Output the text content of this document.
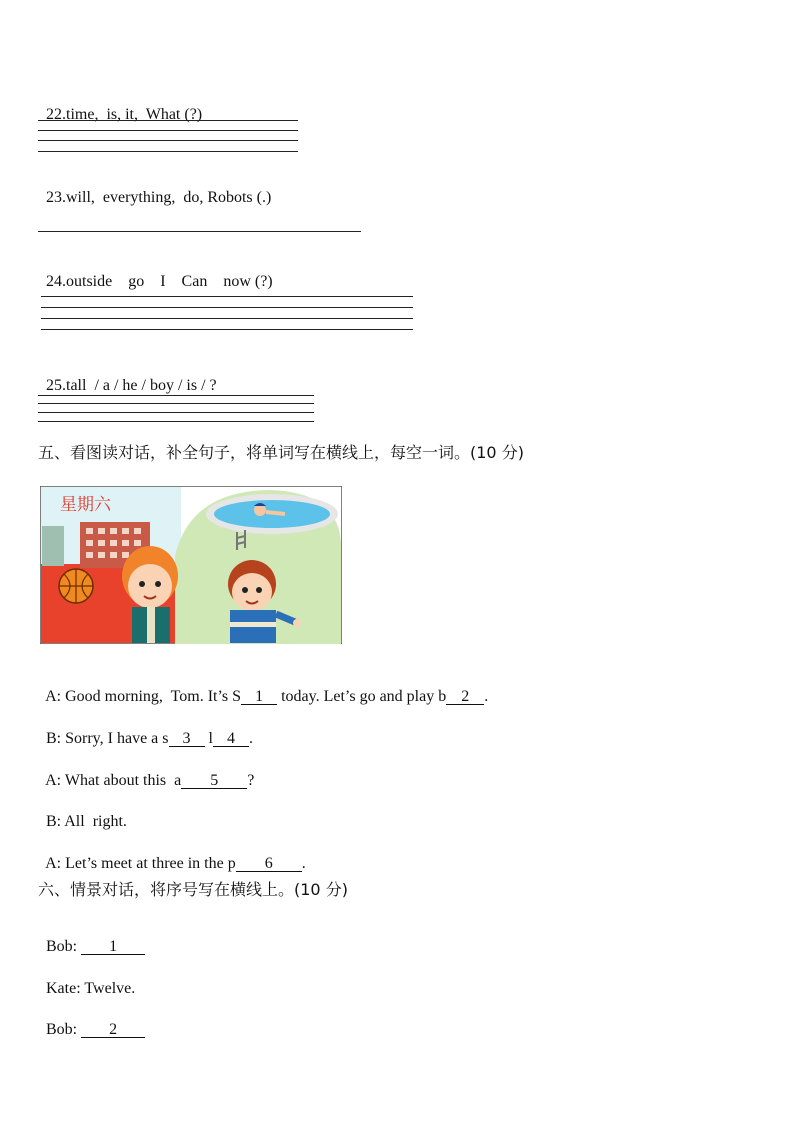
22.time,  is, it,  What (?)

23.will,  everything,  do, Robots (.)

24.outside    go    I    Can    now (?)

25.tall  / a / he / boy / is / ?

五、看图读对话，补全句子，将单词写在横线上，每空一词。(10 分)
星期六

A: Good morning,  Tom. It’s S 1 today. Let’s go and play b 2 .

B: Sorry, I have a s 3 l 4 .

A: What about this  a 5 ?

B: All  right.

A: Let’s meet at three in the p 6 .

六、情景对话，将序号写在横线上。(10 分)

Bob: 1

Kate: Twelve.

Bob: 2
